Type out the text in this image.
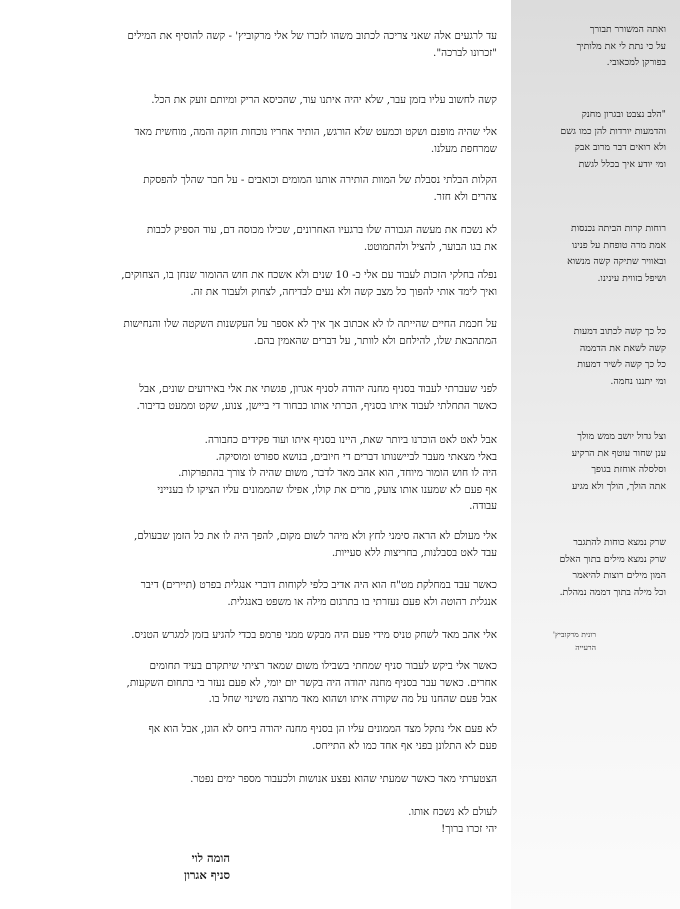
ואתה המשורר תבורך
על כי נתת לי את מלותיך
בפורקן למכאובי.
"הלב נצבט ובגרון מחנק
והדמעות יורדות להן כמו גשם
ולא רואים דבר מרוב אבק
ומי יודע איך בכלל לגשת
רוחות קרות הביתה נכנסות
אמת מרה טופחת על פנינו
ובאוויר שתיקה קשה מנשוא
ושיפל בזווית עינינו.
כל כך קשה לכתוב דמעות
קשה לשאת את הדממה
כל כך קשה לשיר דמעות
ומי יתננו נחמה.
וצל גדול יושב ממש מולך
ענן שחור עוטף את הרקיע
וסלסלה אוחזת בגופך
אתה הולך, הולך ולא מגיע
שרק נמצא כוחות להתגבר
שרק נמצא מילים בתוך האלם
המון מילים רוצות להיאמר
וכל מילה בתוך דממה נמהלת.
רונית מרקוביץ'
הרעייה
עד לרגעים אלה שאני צריכה לכתוב משהו לזכרו של אלי מרקוביץ' - קשה להוסיף את המילים
"זכרונו לברכה".
קשה לחשוב עליו בזמן עבר, שלא יהיה איתנו עוד, שהכיסא הריק ומיותם זועק את הכל.
אלי שהיה מופנם ושקט וכמעט שלא הורגש, הותיר אחריו נוכחות חזקה והמה, מוחשית מאד
שמרחפת מעלנו.
הקלות הבלתי נסבלת של המוות הותירה אותנו המומים וכואבים - על חבר שהלך להפסקת
צהרים ולא חזר.
לא נשכח את מעשה הגבורה שלו ברגעיו האחרונים, שכילו מכוסה דם, עוד הספיק לכבות
את בגו הבוער, להציל ולהתמוטט.
נפלה בחלקי הזכות לעבוד עם אלי כ- 10 שנים ולא אשכח את חוש ההומור שנחן בו, הצחוקים,
ואיך לימד אותי להפוך כל מצב קשה ולא נעים לבדיחה, לצחוק ולעבור את זה.
על חכמת החיים שהייתה לו לא אכתוב אך איך לא אספר על העקשנות השקטה שלו והנחישות
המתהבאת שלו, להילחם ולא לוותר, על דברים שהאמין בהם.
לפני שעברתי לעבוד בסניף מחנה יהודה לסניף אגרון, פגשתי את אלי באירועים שונים, אבל
כאשר התחלתי לעבוד איתו בסניף, הכרתי אותו כבחור די ביישן, צנוע, שקט וממעט בדיבור.
אבל לאט לאט הוכרנו ביותר שאת, היינו בסניף איתו ועוד פקידים כחבורה.
באלי מצאתי מעבר לביישנותו דברים די חיובים, בנושא ספורט ומוסיקה.
היה לו חוש הומור מיוחד, הוא אהב מאד לדבר, משום שהיה לו צורך בהתפרקות.
אף פעם לא שמענו אותו צועק, מרים את קולו, אפילו שהממונים עליו הציקו לו בענייני
עבודה.
אלי מעולם לא הראה סימני לחץ ולא מיהר לשום מקום, להפך היה לו את כל הזמן שבעולם,
עבד לאט בסבלנות, בחריצות ללא סעייות.
כאשר עבד במחלקת מט"ח הוא היה אדיב כלפי לקוחות דוברי אנגלית בפרט (תיירים) דיבר
אנגלית רהוטה ולא פעם נעזרתי בו בתרגום מילה או משפט באנגלית.
אלי אהב מאד לשחק טניס מידי פעם היה מבקש ממני פרמפ בכדי להגיע בזמן למגרש הטניס.
כאשר אלי ביקש לעבור סניף שמחתי בשבילו משום שמאד רציתי שיתקדם בעיד תחומים
אחרים. כאשר עבר בסניף מחנה יהודה היה בקשר יום יומי, לא פעם נעזר בי בתחום השקעות,
אבל פעם שהחנו על מה שקורה איתו ושהוא מאד מרוצה משינוי שחל בו.
לא פעם אלי נתקל מצד הממונים עליו הן בסניף מחנה יהודה ביחס לא הוגן, אבל הוא אף
פעם לא התלונן בפני אף אחד כמו לא התייחס.
הצטערתי מאד כאשר שמעתי שהוא נפצע אנושות ולכעבור מספר ימים נפטר.
לעולם לא נשכח אותו.
יהי זכרו ברוך!
הומה לוי
סניף אגרון
